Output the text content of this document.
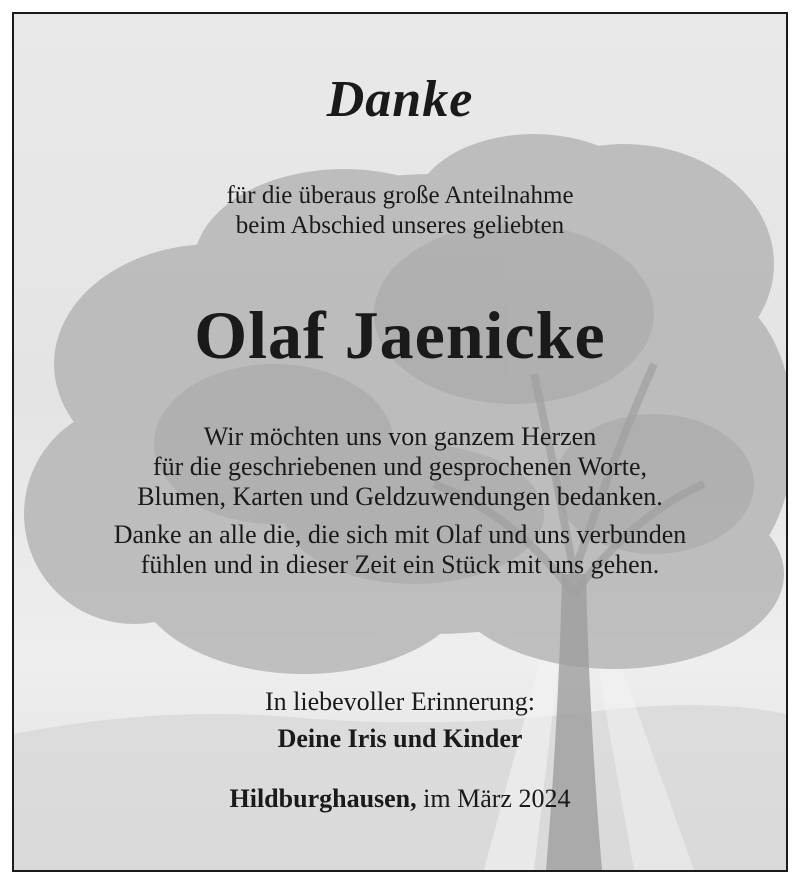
Danke
für die überaus große Anteilnahme
beim Abschied unseres geliebten
Olaf Jaenicke
Wir möchten uns von ganzem Herzen
für die geschriebenen und gesprochenen Worte,
Blumen, Karten und Geldzuwendungen bedanken.
Danke an alle die, die sich mit Olaf und uns verbunden
fühlen und in dieser Zeit ein Stück mit uns gehen.
In liebevoller Erinnerung:
Deine Iris und Kinder
Hildburghausen, im März 2024
